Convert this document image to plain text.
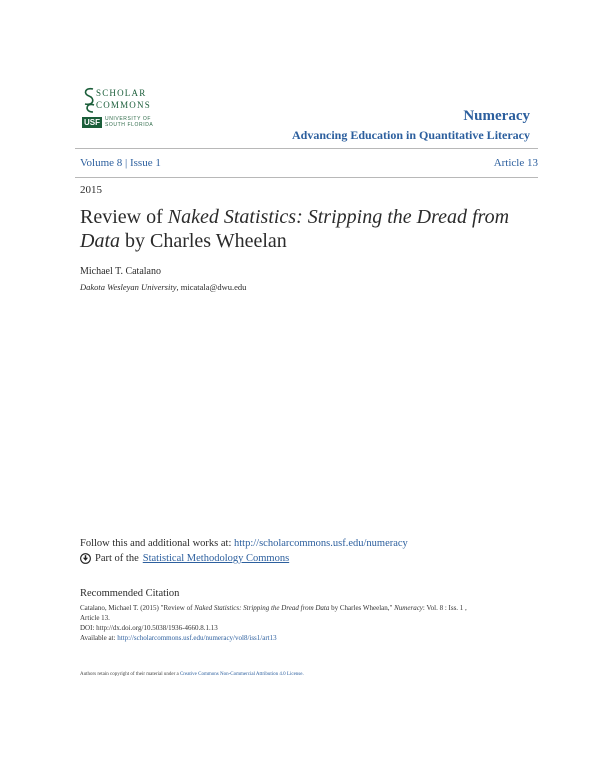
SCHOLAR
COMMONS
USF	UNIVERSITY OF SOUTH FLORIDA
Numeracy
Advancing Education in Quantitative Literacy
Volume 8 | Issue 1	Article 13
2015
Review of Naked Statistics: Stripping the Dread from Data by Charles Wheelan
Michael T. Catalano
Dakota Wesleyan University, micatala@dwu.edu
Follow this and additional works at: http://scholarcommons.usf.edu/numeracy
Part of the Statistical Methodology Commons
Recommended Citation
Catalano, Michael T. (2015) "Review of Naked Statistics: Stripping the Dread from Data by Charles Wheelan," Numeracy: Vol. 8 : Iss. 1 ,
Article 13.
DOI: http://dx.doi.org/10.5038/1936-4660.8.1.13
Available at: http://scholarcommons.usf.edu/numeracy/vol8/iss1/art13
Authors retain copyright of their material under a Creative Commons Non-Commercial Attribution 4.0 License.
